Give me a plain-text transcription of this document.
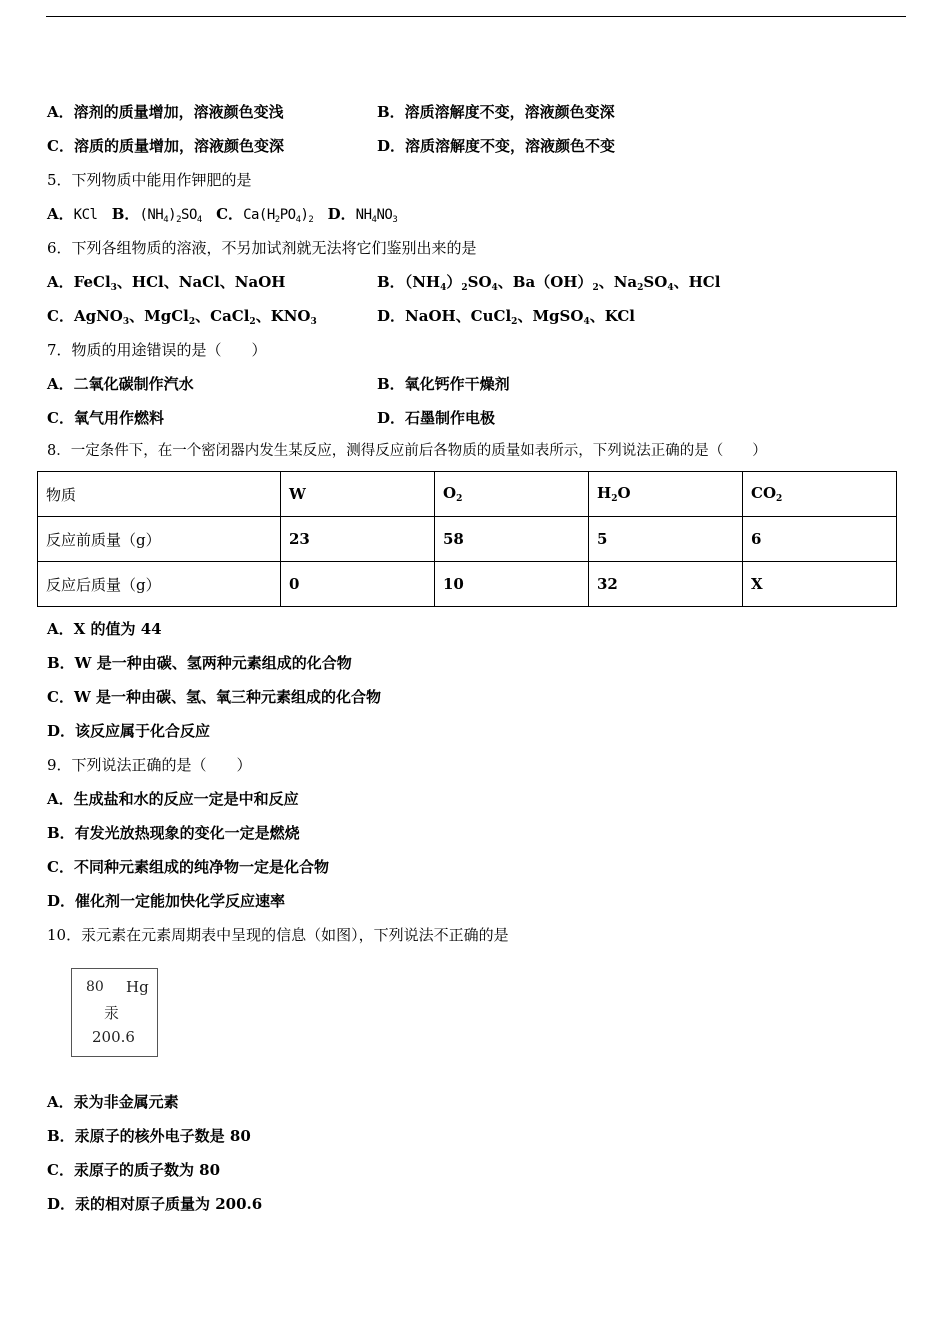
A．溶剂的质量增加，溶液颜色变浅	B．溶质溶解度不变，溶液颜色变深
C．溶质的质量增加，溶液颜色变深	D．溶质溶解度不变，溶液颜色不变
5．下列物质中能用作钾肥的是
A．KCl B．$(NH_4)_2SO_4$ C．$Ca(H_2PO_4)_2$ D．$NH_4NO_3$
6．下列各组物质的溶液，不另加试剂就无法将它们鉴别出来的是
A．FeCl$_3$、HCl、NaCl、NaOH	B．$(NH_4)_2SO_4$、$Ba(OH)_2$、$Na_2SO_4$、HCl
C．AgNO$_3$、MgCl$_2$、CaCl$_2$、$KNO_3$	D．NaOH、CuCl$_2$、MgSO$_4$、KCl
7．物质的用途错误的是（　　）
A．二氧化碳制作汽水	B．氧化钙作干燥剂
C．氧气用作燃料	D．石墨制作电极
8．一定条件下，在一个密闭器内发生某反应，测得反应前后各物质的质量如表所示，下列说法正确的是（　　）
物质	W	$O_2$	$H_2O$	$CO_2$
反应前质量（g）	23	58	5	6
反应后质量（g）	0	10	32	X
A．X 的值为 44
B．W 是一种由碳、氢两种元素组成的化合物
C．W 是一种由碳、氢、氧三种元素组成的化合物
D．该反应属于化合反应
9．下列说法正确的是（　　）
A．生成盐和水的反应一定是中和反应
B．有发光放热现象的变化一定是燃烧
C．不同种元素组成的纯净物一定是化合物
D．催化剂一定能加快化学反应速率
10．汞元素在元素周期表中呈现的信息（如图），下列说法不正确的是
80 Hg
汞
200.6
A．汞为非金属元素
B．汞原子的核外电子数是 80
C．汞原子的质子数为 80
D．汞的相对原子质量为 200.6
